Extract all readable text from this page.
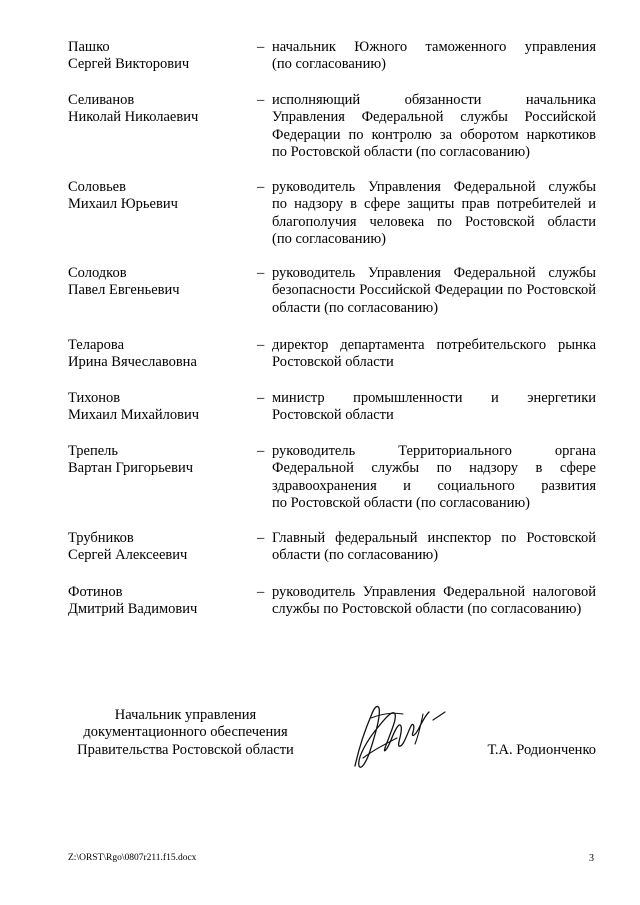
Пашко
Сергей Викторович
– начальник Южного таможенного управления
(по согласованию)
Селиванов
Николай Николаевич
– исполняющий обязанности начальника
Управления Федеральной службы Российской
Федерации по контролю за оборотом наркотиков
по Ростовской области (по согласованию)
Соловьев
Михаил Юрьевич
– руководитель Управления Федеральной службы
по надзору в сфере защиты прав потребителей и
благополучия человека по Ростовской области
(по согласованию)
Солодков
Павел Евгеньевич
– руководитель Управления Федеральной службы
безопасности Российской Федерации по Ростовской
области (по согласованию)
Теларова
Ирина Вячеславовна
– директор департамента потребительского рынка
Ростовской области
Тихонов
Михаил Михайлович
– министр промышленности и энергетики
Ростовской области
Трепель
Вартан Григорьевич
– руководитель Территориального органа
Федеральной службы по надзору в сфере
здравоохранения и социального развития
по Ростовской области (по согласованию)
Трубников
Сергей Алексеевич
– Главный федеральный инспектор по Ростовской
области (по согласованию)
Фотинов
Дмитрий Вадимович
– руководитель Управления Федеральной налоговой
службы по Ростовской области (по согласованию)
Начальник управления
документационного обеспечения
Правительства Ростовской области	Т.А. Родионченко
Z:\ORST\Rgo\0807r211.f15.docx	3
